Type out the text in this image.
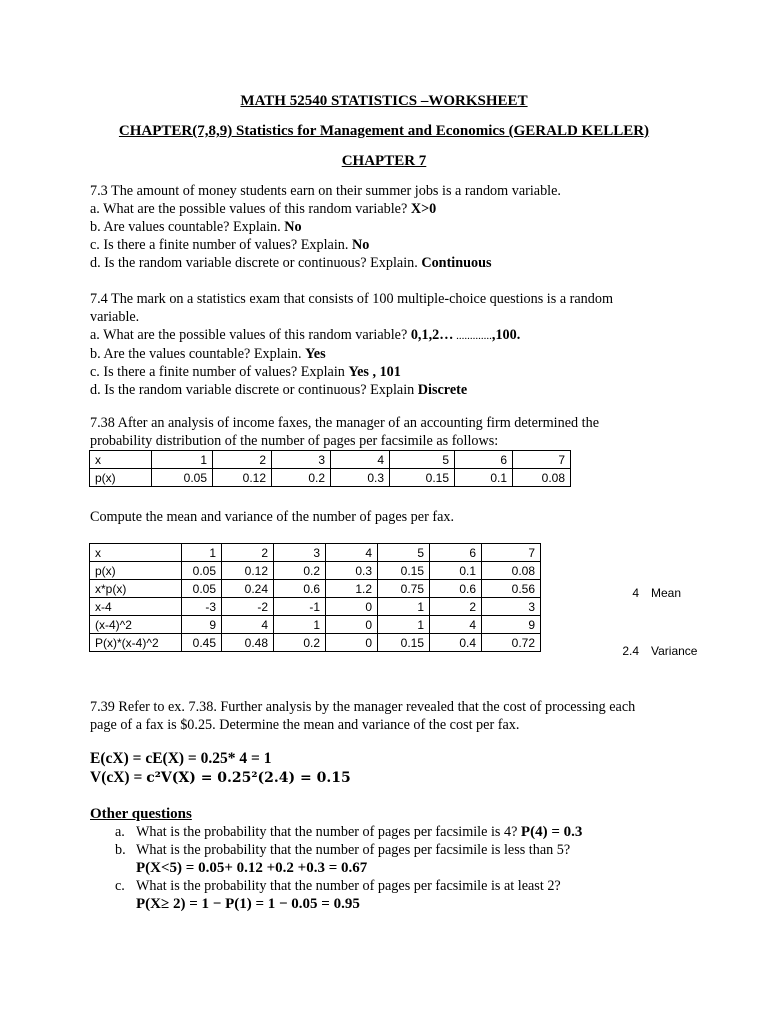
MATH 52540 STATISTICS –WORKSHEET
CHAPTER(7,8,9) Statistics for Management and Economics (GERALD KELLER)
CHAPTER 7
7.3 The amount of money students earn on their summer jobs is a random variable.
a. What are the possible values of this random variable? X>0
b. Are values countable? Explain. No
c. Is there a finite number of values? Explain. No
d. Is the random variable discrete or continuous? Explain. Continuous
7.4 The mark on a statistics exam that consists of 100 multiple-choice questions is a random
variable.
a. What are the possible values of this random variable? 0,1,2… .............,100.
b. Are the values countable? Explain. Yes
c. Is there a finite number of values? Explain Yes , 101
d. Is the random variable discrete or continuous? Explain Discrete
7.38 After an analysis of income faxes, the manager of an accounting firm determined the
probability distribution of the number of pages per facsimile as follows:
x	1	2	3	4	5	6	7
p(x)	0.05	0.12	0.2	0.3	0.15	0.1	0.08
Compute the mean and variance of the number of pages per fax.
x	1	2	3	4	5	6	7
p(x)	0.05	0.12	0.2	0.3	0.15	0.1	0.08
x*p(x)	0.05	0.24	0.6	1.2	0.75	0.6	0.56
x-4	-3	-2	-1	0	1	2	3
(x-4)^2	9	4	1	0	1	4	9
P(x)*(x-4)^2	0.45	0.48	0.2	0	0.15	0.4	0.72
4 Mean
2.4 Variance
7.39 Refer to ex. 7.38. Further analysis by the manager revealed that the cost of processing each
page of a fax is $0.25. Determine the mean and variance of the cost per fax.
E(cX) = cE(X) = 0.25* 4 = 1
V(cX) = c²V(X) = 0.25²(2.4) = 0.15
Other questions
a. What is the probability that the number of pages per facsimile is 4? P(4) = 0.3
b. What is the probability that the number of pages per facsimile is less than 5?
P(X<5) = 0.05+ 0.12 +0.2 +0.3 = 0.67
c. What is the probability that the number of pages per facsimile is at least 2?
P(X≥ 2) = 1 − P(1) = 1 − 0.05 = 0.95
